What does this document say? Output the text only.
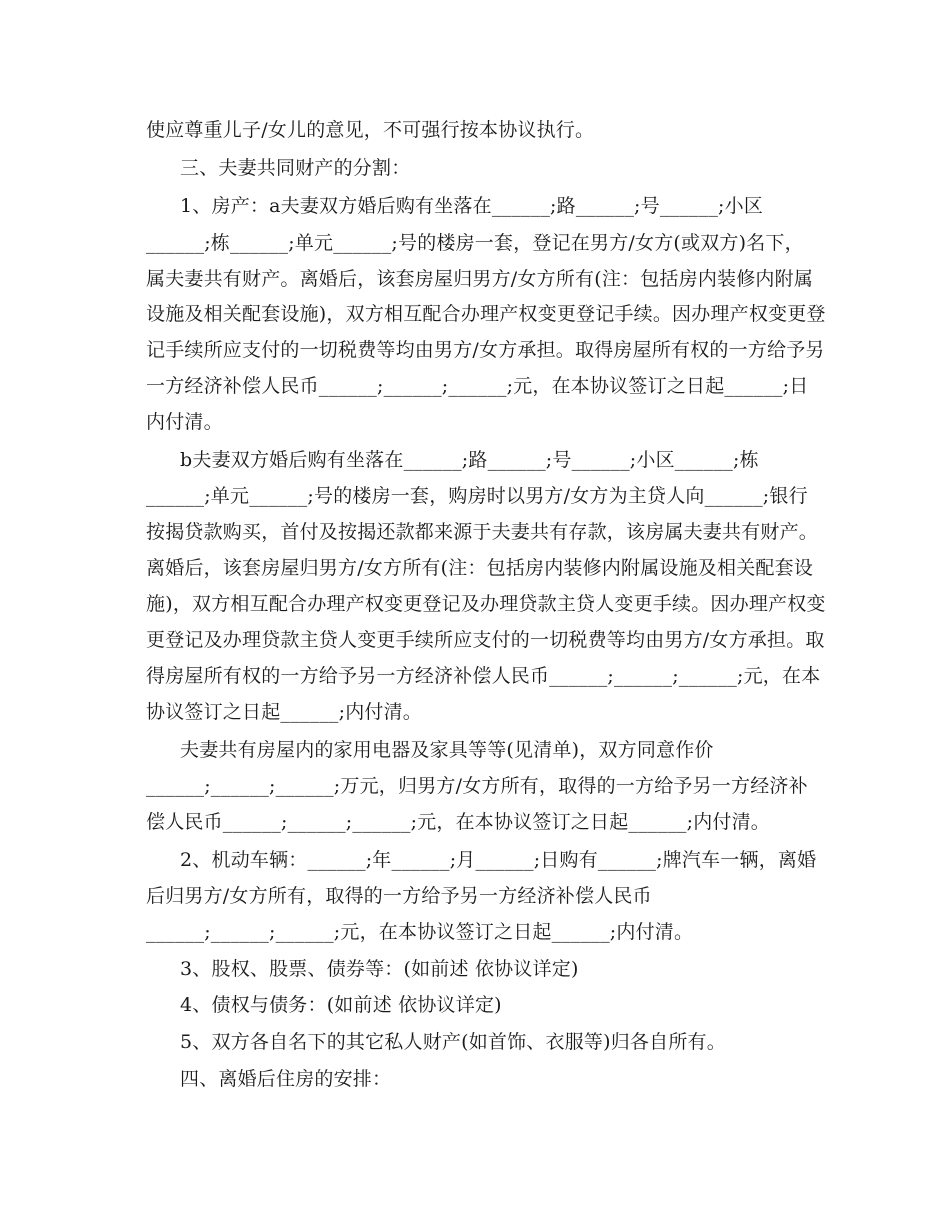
使应尊重儿子/女儿的意见，不可强行按本协议执行。
三、夫妻共同财产的分割：
1、房产：a夫妻双方婚后购有坐落在______;路______;号______;小区
______;栋______;单元______;号的楼房一套，登记在男方/女方(或双方)名下，
属夫妻共有财产。离婚后，该套房屋归男方/女方所有(注：包括房内装修内附属
设施及相关配套设施)，双方相互配合办理产权变更登记手续。因办理产权变更登
记手续所应支付的一切税费等均由男方/女方承担。取得房屋所有权的一方给予另
一方经济补偿人民币______;______;______;元，在本协议签订之日起______;日
内付清。
b夫妻双方婚后购有坐落在______;路______;号______;小区______;栋
______;单元______;号的楼房一套，购房时以男方/女方为主贷人向______;银行
按揭贷款购买，首付及按揭还款都来源于夫妻共有存款，该房属夫妻共有财产。
离婚后，该套房屋归男方/女方所有(注：包括房内装修内附属设施及相关配套设
施)，双方相互配合办理产权变更登记及办理贷款主贷人变更手续。因办理产权变
更登记及办理贷款主贷人变更手续所应支付的一切税费等均由男方/女方承担。取
得房屋所有权的一方给予另一方经济补偿人民币______;______;______;元，在本
协议签订之日起______;内付清。
夫妻共有房屋内的家用电器及家具等等(见清单)，双方同意作价
______;______;______;万元，归男方/女方所有，取得的一方给予另一方经济补
偿人民币______;______;______;元，在本协议签订之日起______;内付清。
2、机动车辆：______;年______;月______;日购有______;牌汽车一辆，离婚
后归男方/女方所有，取得的一方给予另一方经济补偿人民币
______;______;______;元，在本协议签订之日起______;内付清。
3、股权、股票、债券等：(如前述 依协议详定)
4、债权与债务：(如前述 依协议详定)
5、双方各自名下的其它私人财产(如首饰、衣服等)归各自所有。
四、离婚后住房的安排：
